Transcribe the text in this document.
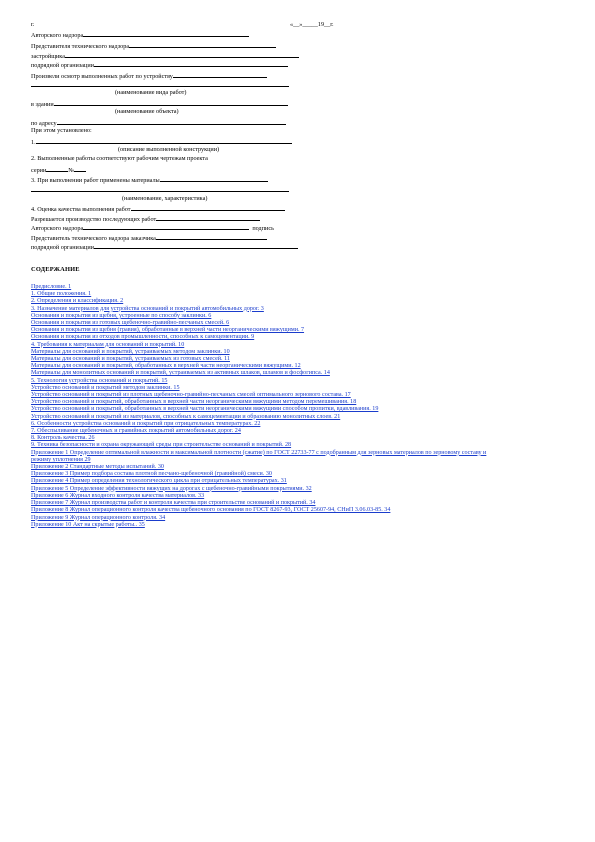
г.	«__»_____19__г.
Авторского надзора
Представителя технического надзора
застройщика
подрядной организации
Произвели осмотр выполненных работ по устройству
(наименование вида работ)
в здании
(наименование объекта)
по адресу
При этом установлено:
1.
(описание выполненной конструкции)
2. Выполненные работы соответствуют рабочим чертежам проекта
серии	№
3. При выполнении работ применены материалы
(наименование, характеристика)
4. Оценка качества выполнения работ
Разрешается производство последующих работ
Авторского надзора	подпись
Представитель технического надзора заказчика
подрядной организации
СОДЕРЖАНИЕ
Предисловие. 1
1. Общие положения. 1
2. Определения и классификация. 2
3. Назначение материалов для устройства оснований и покрытий автомобильных дорог. 3
Основания и покрытия из щебня, устроенные по способу заклинки. 6
Основания и покрытия из готовых щебеночно-гравийно-песчаных смесей. 6
Основания и покрытия из щебня (гравия), обработанные в верхней части неорганическими вяжущими. 7
Основания и покрытия из отходов промышленности, способных к самоцементации. 9
4. Требования к материалам для оснований и покрытий. 10
Материалы для оснований и покрытий, устраиваемых методом заклинки. 10
Материалы для оснований и покрытий, устраиваемых из готовых смесей. 11
Материалы для оснований и покрытий, обработанных в верхней части неорганическими вяжущими. 12
Материалы для монолитных оснований и покрытий, устраиваемых из активных шлаков, шламов и фосфогипса. 14
5. Технология устройства оснований и покрытий. 15
Устройство оснований и покрытий методом заклинки. 15
Устройство оснований и покрытий из плотных щебеночно-гравийно-песчаных смесей оптимального зернового состава. 17
Устройство оснований и покрытий, обработанных в верхней части неорганическими вяжущими методом перемешивания. 18
Устройство оснований и покрытий, обработанных в верхней части неорганическими вяжущими способом пропитки, вдавливания. 19
Устройство оснований и покрытий из материалов, способных к самоцементации и образованию монолитных слоев. 21
6. Особенности устройства оснований и покрытий при отрицательных температурах. 22
7. Обеспыливание щебеночных и гравийных покрытий автомобильных дорог. 24
8. Контроль качества. 26
9. Техника безопасности и охрана окружающей среды при строительстве оснований и покрытий. 28
Приложение 1 Определение оптимальной влажности и максимальной плотности (сжатие) по ГОСТ 22733-77 с подобранным для зерновых материалов по зерновому составу и режиму уплотнения 29
Приложение 2 Стандартные методы испытаний. 30
Приложение 3 Пример подбора состава плотной песчано-щебеночной (гравийной) смеси. 30
Приложение 4 Пример определения технологического цикла при отрицательных температурах. 31
Приложение 5 Определение эффективности вяжущих на дорогах с щебеночно-гравийными покрытиями. 32
Приложение 6 Журнал входного контроля качества материалов. 33
Приложение 7 Журнал производства работ и контроля качества при строительстве оснований и покрытий. 34
Приложение 8 Журнал операционного контроля качества щебеночного основания по ГОСТ 8267-93, ГОСТ 25607-94, СНиП 3.06.03-85. 34
Приложение 9 Журнал операционного контроля. 34
Приложение 10 Акт на скрытые работы.. 35
